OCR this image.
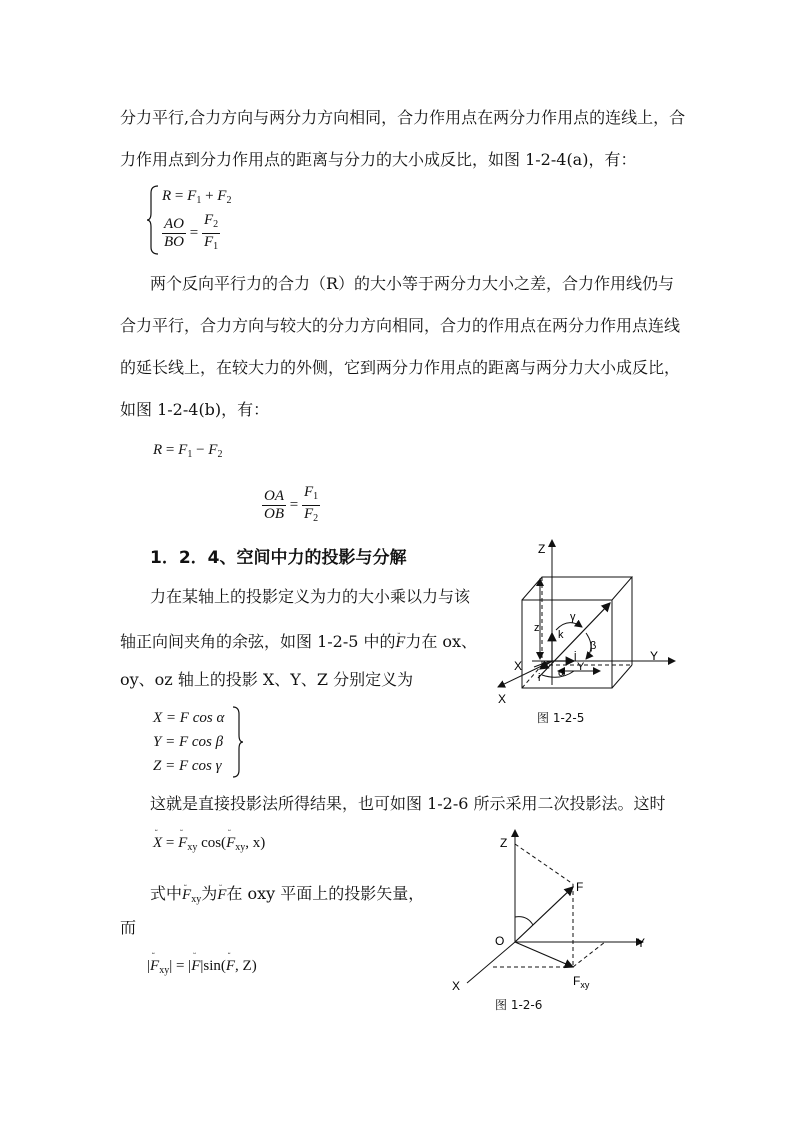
分力平行,合力方向与两分力方向相同，合力作用点在两分力作用点的连线上，合
力作用点到分力作用点的距离与分力的大小成反比，如图 1-2-4(a)，有：
$R = F_1 + F_2$
$\frac{AO}{BO} = \frac{F_2}{F_1}$
两个反向平行力的合力（R）的大小等于两分力大小之差，合力作用线仍与
合力平行，合力方向与较大的分力方向相同，合力的作用点在两分力作用点连线
的延长线上，在较大力的外侧，它到两分力作用点的距离与两分力大小成反比，
如图 1-2-4(b)，有：
$R = F_1 - F_2$
$\frac{OA}{OB} = \frac{F_1}{F_2}$
1．2．4、空间中力的投影与分解
力在某轴上的投影定义为力的大小乘以力与该
轴正向间夹角的余弦，如图 1-2-5 中的ᵕᵕ F力在 ox、
oy、oz 轴上的投影 X、Y、Z 分别定义为
X = F cos α
Y = F cos β
Z = F cos γ
这就是直接投影法所得结果，也可如图 1-2-6 所示采用二次投影法。这时
ᵕᵕ X = ᵕᵕ $F_{xy}$ cos(ᵕᵕ $F_{xy}$, x)
式中ᵕᵕ $F_{xy}$为ᵕᵕ F在 oxy 平面上的投影矢量，
而
|ᵕᵕ $F_{xy}|$ = |ᵕᵕ F|sin(ᵕᵕ F, Z)
Z
Y
X
X
z
k
γ
β
α
j
i
Y
图 1-2-5
Z
F
O	Y
X	$F_{xy}$
图 1-2-6
